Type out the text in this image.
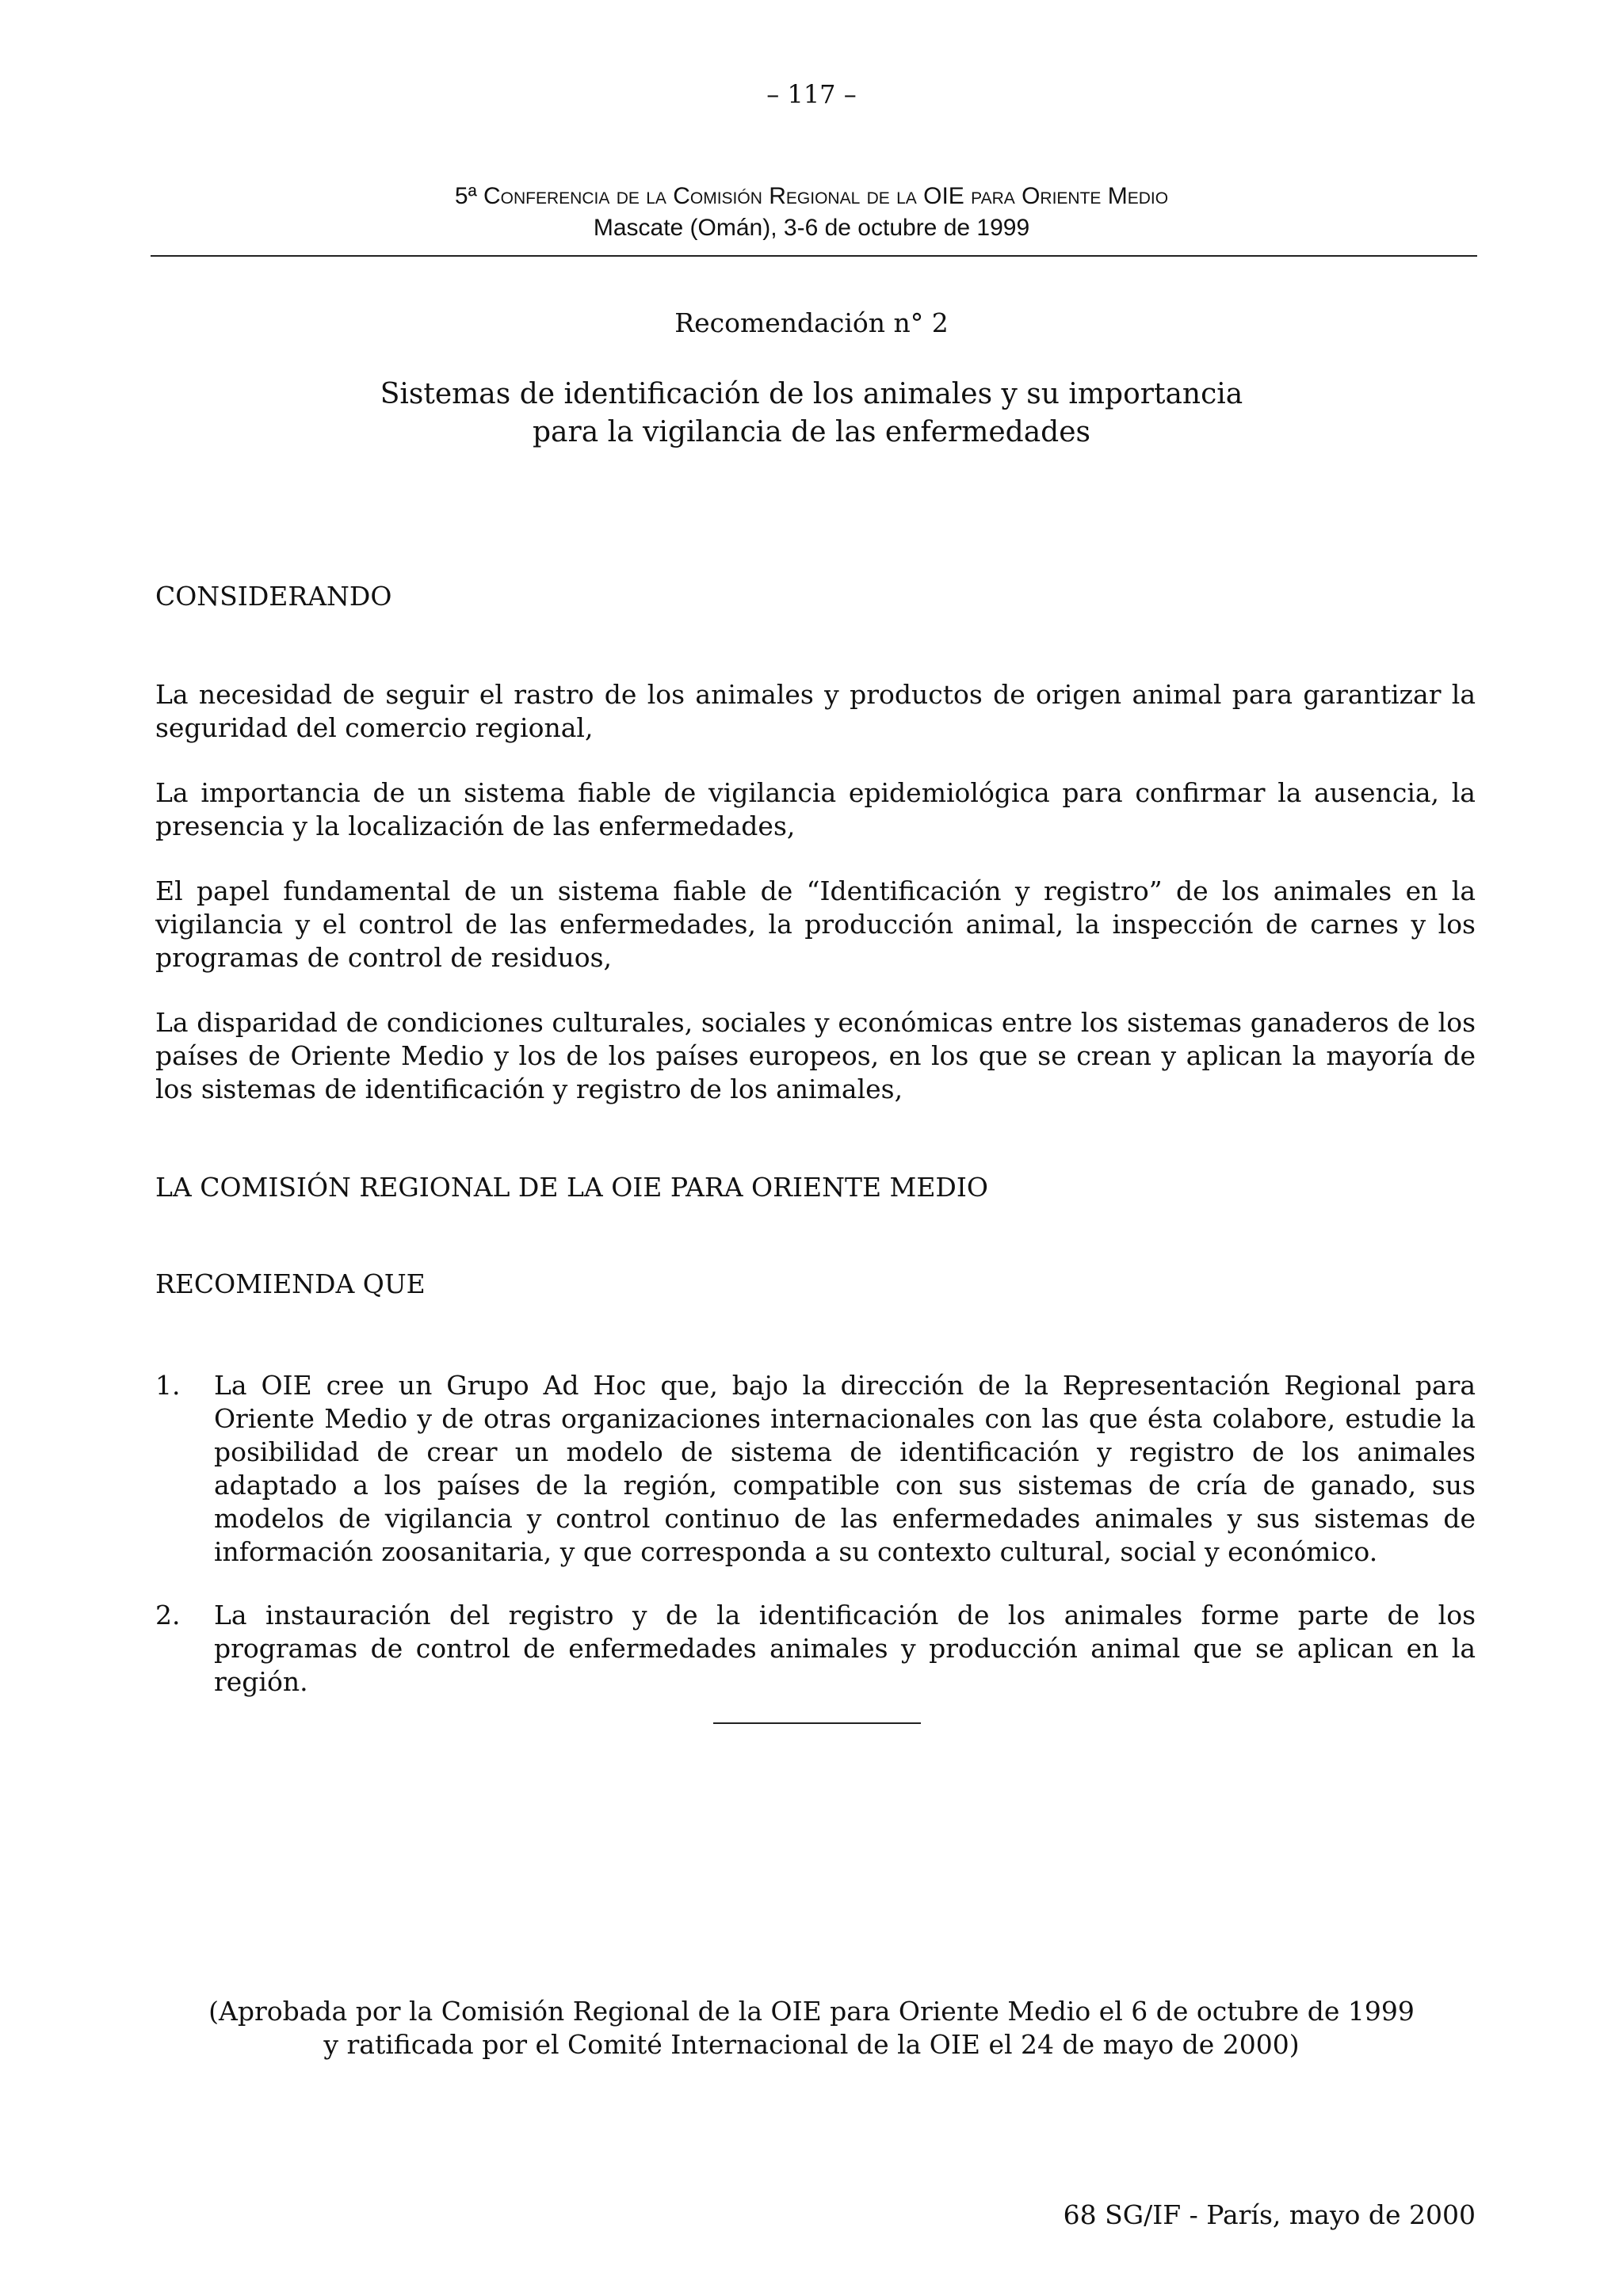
– 117 –
5ª Conferencia de la Comisión Regional de la OIE para Oriente Medio
Mascate (Omán), 3-6 de octubre de 1999
Recomendación n° 2
Sistemas de identificación de los animales y su importancia
para la vigilancia de las enfermedades
CONSIDERANDO

La necesidad de seguir el rastro de los animales y productos de origen animal para garantizar la seguridad del comercio regional,

La importancia de un sistema fiable de vigilancia epidemiológica para confirmar la ausencia, la presencia y la localización de las enfermedades,

El papel fundamental de un sistema fiable de “Identificación y registro” de los animales en la vigilancia y el control de las enfermedades, la producción animal, la inspección de carnes y los programas de control de residuos,

La disparidad de condiciones culturales, sociales y económicas entre los sistemas ganaderos de los países de Oriente Medio y los de los países europeos, en los que se crean y aplican la mayoría de los sistemas de identificación y registro de los animales,

LA COMISIÓN REGIONAL DE LA OIE PARA ORIENTE MEDIO
RECOMIENDA QUE
1. La OIE cree un Grupo Ad Hoc que, bajo la dirección de la Representación Regional para Oriente Medio y de otras organizaciones internacionales con las que ésta colabore, estudie la posibilidad de crear un modelo de sistema de identificación y registro de los animales adaptado a los países de la región, compatible con sus sistemas de cría de ganado, sus modelos de vigilancia y control continuo de las enfermedades animales y sus sistemas de información zoosanitaria, y que corresponda a su contexto cultural, social y económico.
2. La instauración del registro y de la identificación de los animales forme parte de los programas de control de enfermedades animales y producción animal que se aplican en la región.
(Aprobada por la Comisión Regional de la OIE para Oriente Medio el 6 de octubre de 1999
y ratificada por el Comité Internacional de la OIE el 24 de mayo de 2000)
68 SG/IF - París, mayo de 2000
